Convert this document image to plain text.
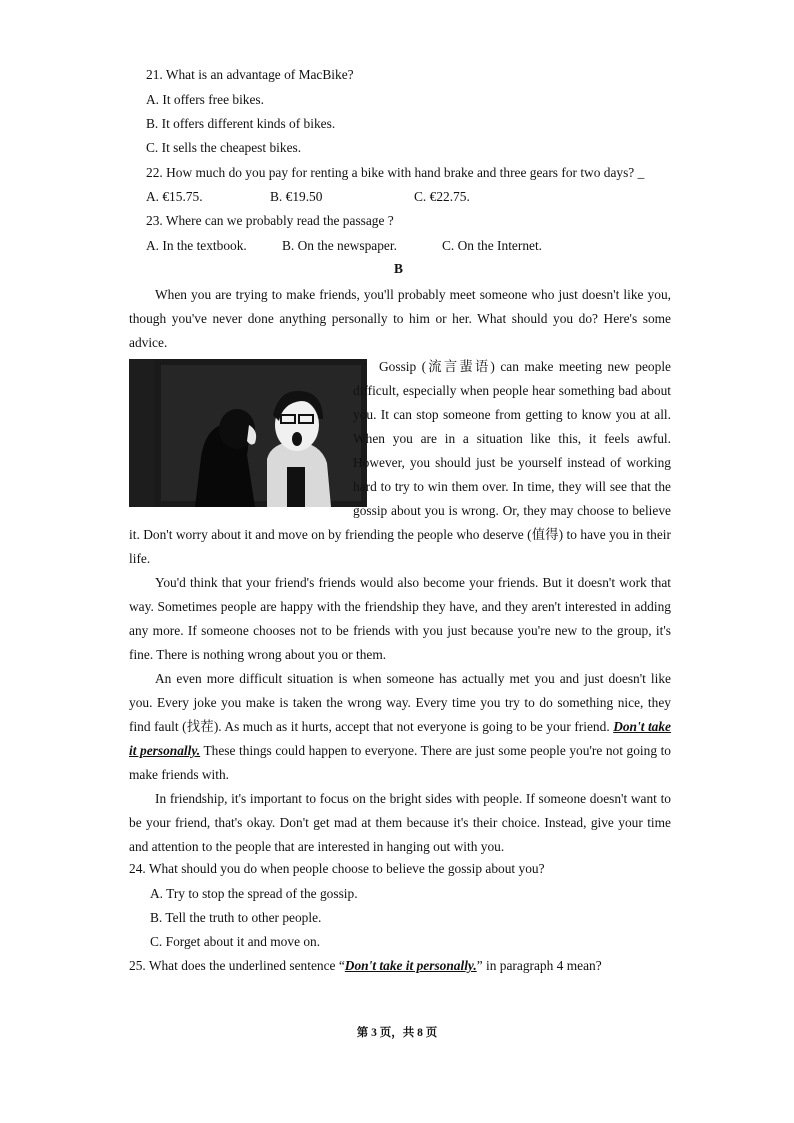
21. What is an advantage of MacBike?
A. It offers free bikes.
B. It offers different kinds of bikes.
C. It sells the cheapest bikes.
22. How much do you pay for renting a bike with hand brake and three gears for two days? _
A. €15.75.	B. €19.50	C. €22.75.
23. Where can we probably read the passage ?
A. In the textbook.	B. On the newspaper.	C. On the Internet.
B

When you are trying to make friends, you'll probably meet someone who just doesn't like you, though you've never done anything personally to him or her. What should you do? Here's some advice.

Gossip (流言蜚语) can make meeting new people difficult, especially when people hear something bad about you. It can stop someone from getting to know you at all. When you are in a situation like this, it feels awful. However, you should just be yourself instead of working hard to try to win them over. In time, they will see that the gossip about you is wrong. Or, they may choose to believe it. Don't worry about it and move on by friending the people who deserve (值得) to have you in their life.

You'd think that your friend's friends would also become your friends. But it doesn't work that way. Sometimes people are happy with the friendship they have, and they aren't interested in adding any more. If someone chooses not to be friends with you just because you're new to the group, it's fine. There is nothing wrong about you or them.

An even more difficult situation is when someone has actually met you and just doesn't like you. Every joke you make is taken the wrong way. Every time you try to do something nice, they find fault (找茬). As much as it hurts, accept that not everyone is going to be your friend. Don't take it personally. These things could happen to everyone. There are just some people you're not going to make friends with.

In friendship, it's important to focus on the bright sides with people. If someone doesn't want to be your friend, that's okay. Don't get mad at them because it's their choice. Instead, give your time and attention to the people that are interested in hanging out with you.

24. What should you do when people choose to believe the gossip about you?
A. Try to stop the spread of the gossip.
B. Tell the truth to other people.
C. Forget about it and move on.
25. What does the underlined sentence “Don't take it personally.” in paragraph 4 mean?
第 3 页，共 8 页
